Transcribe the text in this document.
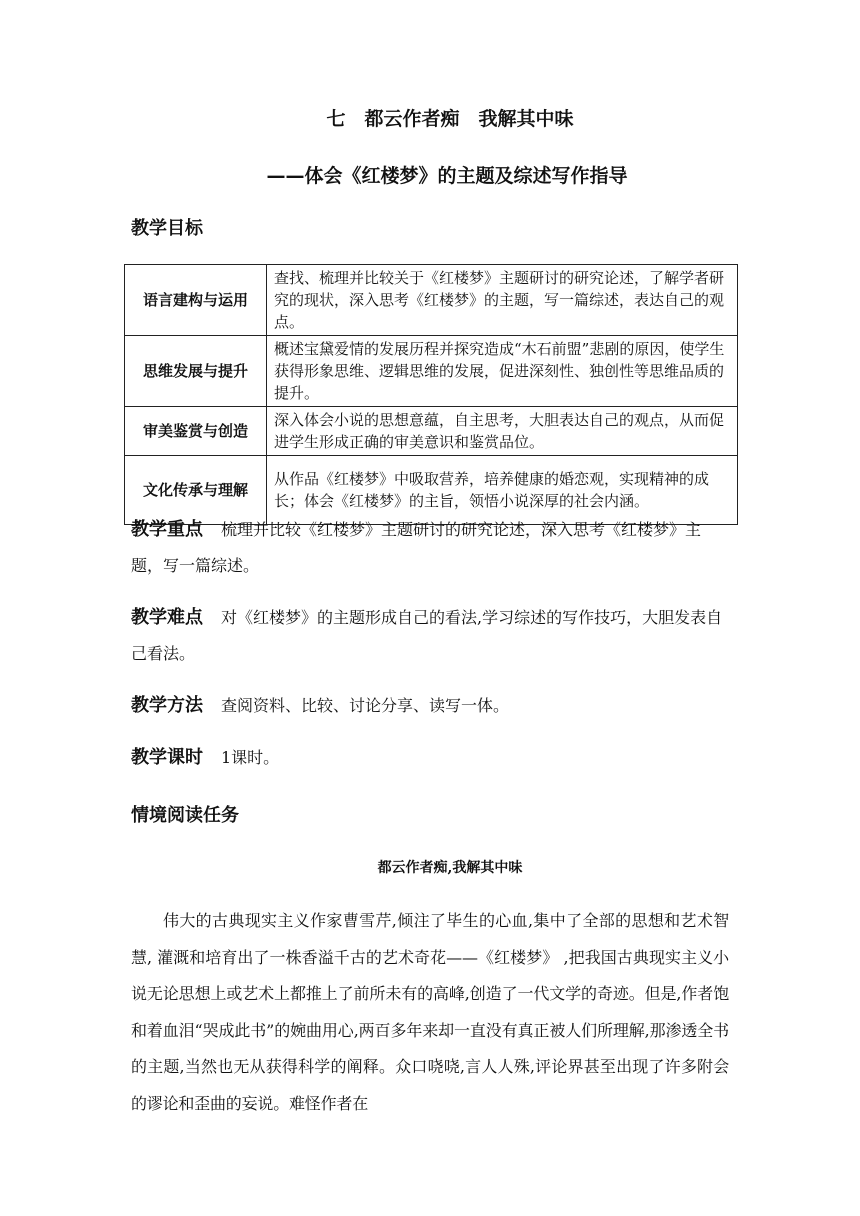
七　都云作者痴　我解其中味
——体会《红楼梦》的主题及综述写作指导
教学目标
语言建构与运用	查找、梳理并比较关于《红楼梦》主题研讨的研究论述，了解学者研究的现状，深入思考《红楼梦》的主题，写一篇综述，表达自己的观点。
思维发展与提升	概述宝黛爱情的发展历程并探究造成“木石前盟”悲剧的原因，使学生获得形象思维、逻辑思维的发展，促进深刻性、独创性等思维品质的提升。
审美鉴赏与创造	深入体会小说的思想意蕴，自主思考，大胆表达自己的观点，从而促进学生形成正确的审美意识和鉴赏品位。
文化传承与理解	从作品《红楼梦》中吸取营养，培养健康的婚恋观，实现精神的成长；体会《红楼梦》的主旨，领悟小说深厚的社会内涵。
教学重点 梳理并比较《红楼梦》主题研讨的研究论述，深入思考《红楼梦》主题，写一篇综述。
教学难点 对《红楼梦》的主题形成自己的看法,学习综述的写作技巧，大胆发表自己看法。
教学方法 查阅资料、比较、讨论分享、读写一体。
教学课时 1课时。
情境阅读任务
都云作者痴,我解其中味
伟大的古典现实主义作家曹雪芹,倾注了毕生的心血,集中了全部的思想和艺术智慧, 灌溉和培育出了一株香溢千古的艺术奇花——《红楼梦》 ,把我国古典现实主义小说无论思想上或艺术上都推上了前所未有的高峰,创造了一代文学的奇迹。但是,作者饱和着血泪“哭成此书”的婉曲用心,两百多年来却一直没有真正被人们所理解,那渗透全书的主题,当然也无从获得科学的阐释。众口哓哓,言人人殊,评论界甚至出现了许多附会的谬论和歪曲的妄说。难怪作者在
